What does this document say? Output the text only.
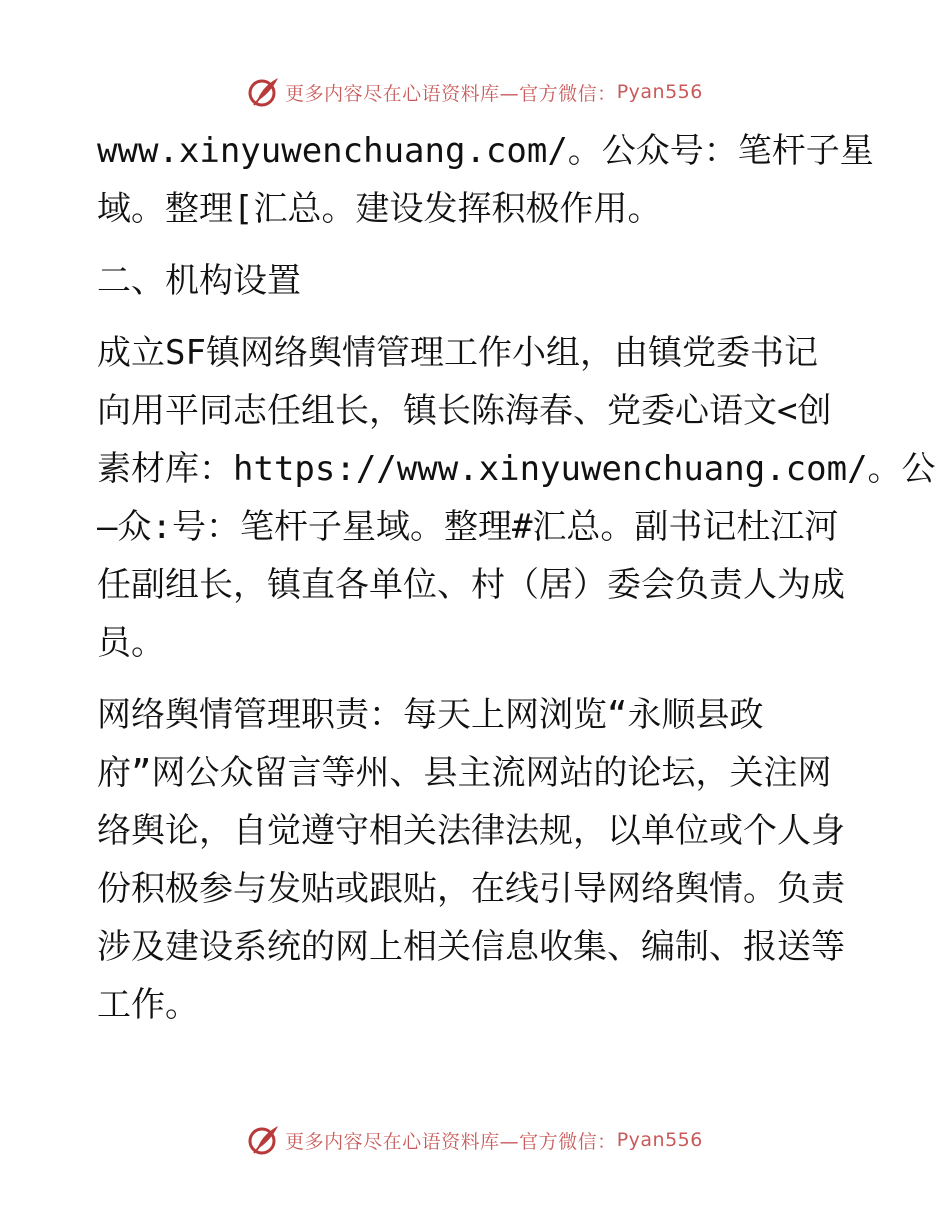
更多内容尽在心语资料库 —官方微信： Pyan556

www.xinyuwenchuang.com/。公众号：笔杆子星
域。整理[汇总。建设发挥积极作用。

二、机构设置

成立SF镇网络舆情管理工作小组，由镇党委书记
向用平同志任组长，镇长陈海春、党委心语文<创
素材库：https://www.xinyuwenchuang.com/。公
—众:号：笔杆子星域。整理#汇总。副书记杜江河
任副组长，镇直各单位、村（居）委会负责人为成
员。

网络舆情管理职责：每天上网浏览“永顺县政
府”网公众留言等州、县主流网站的论坛，关注网
络舆论，自觉遵守相关法律法规，以单位或个人身
份积极参与发贴或跟贴，在线引导网络舆情。负责
涉及建设系统的网上相关信息收集、编制、报送等
工作。

更多内容尽在心语资料库 —官方微信： Pyan556
